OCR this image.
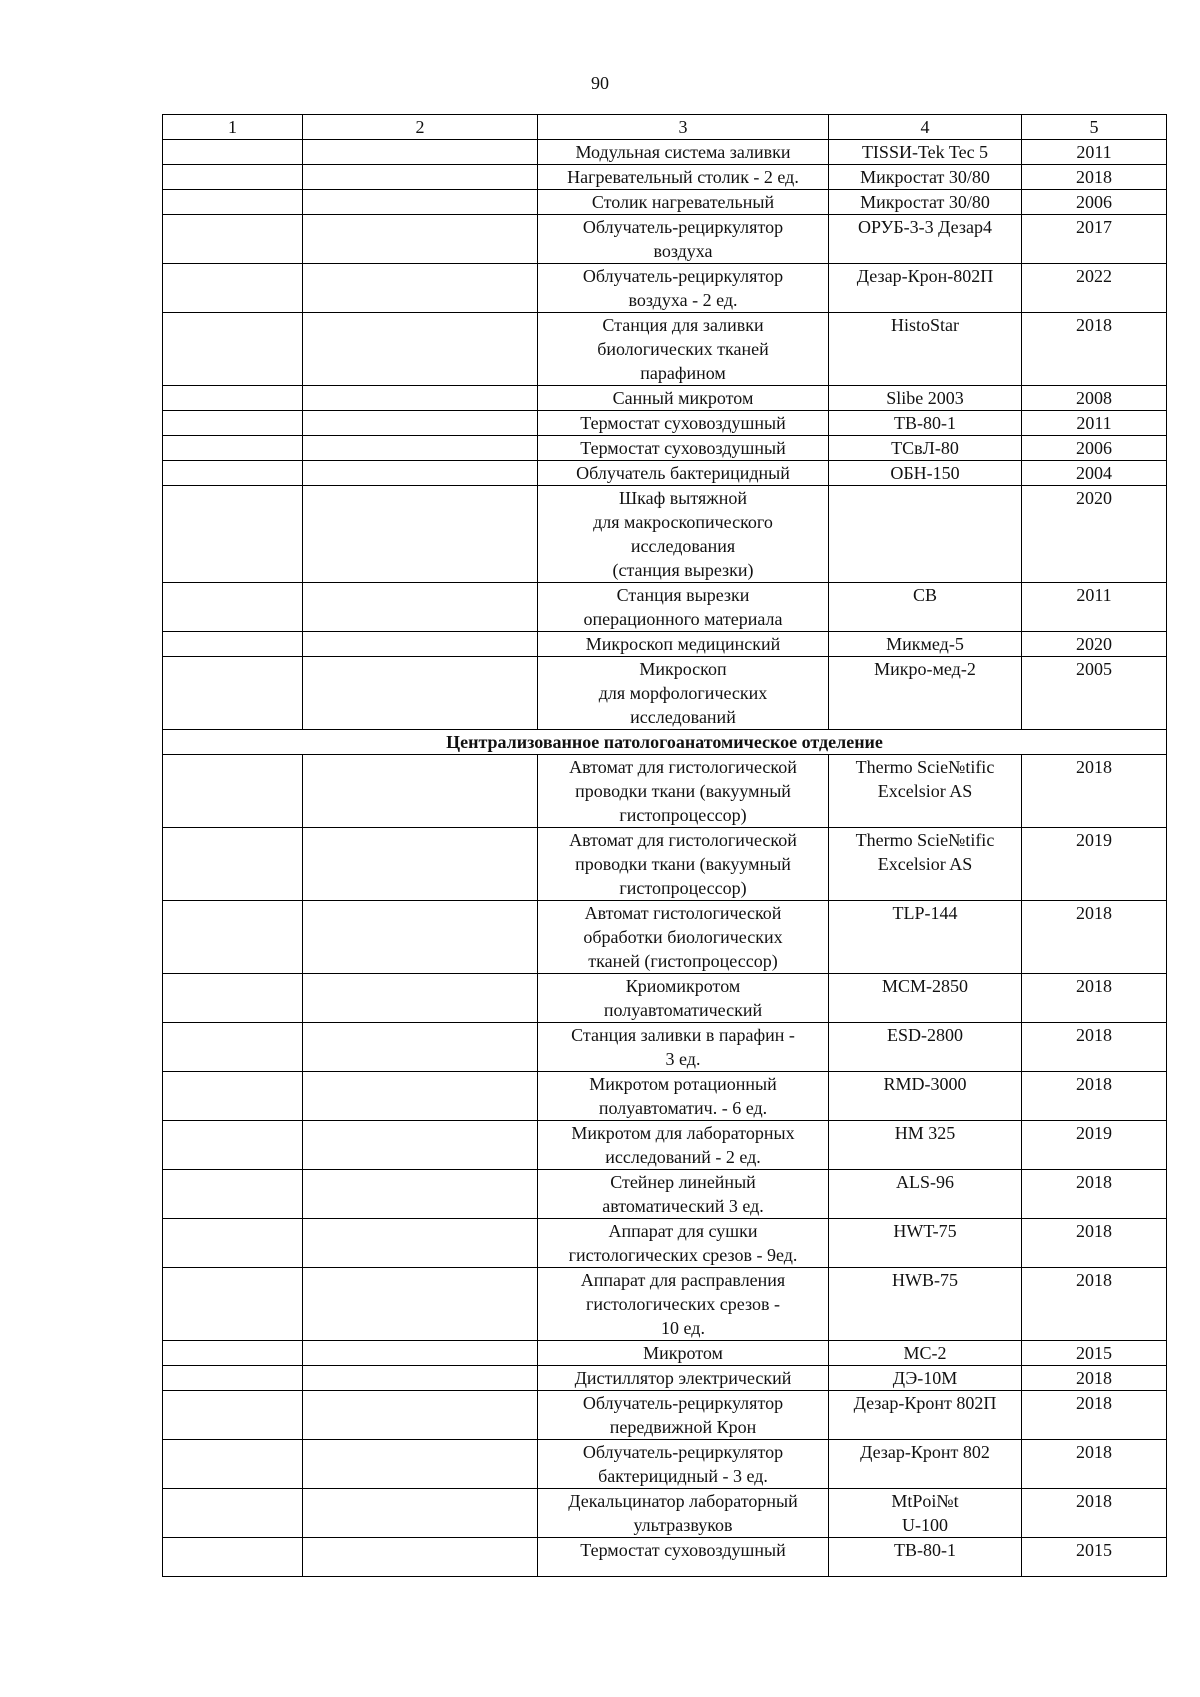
90
1	2	3	4	5
		Модульная система заливки	TISSИ-Tek Tec 5	2011
		Нагревательный столик - 2 ед.	Микростат 30/80	2018
		Столик нагревательный	Микростат 30/80	2006
		Облучатель-рециркулятор
воздуха	ОРУБ-3-3 Дезар4	2017
		Облучатель-рециркулятор
воздуха - 2 ед.	Дезар-Крон-802П	2022
		Станция для заливки
биологических тканей
парафином	HistoStar	2018
		Санный микротом	Slibe 2003	2008
		Термостат суховоздушный	ТВ-80-1	2011
		Термостат суховоздушный	ТСвЛ-80	2006
		Облучатель бактерицидный	ОБН-150	2004
		Шкаф вытяжной
для макроскопического
исследования
(станция вырезки)		2020
		Станция вырезки
операционного материала	СВ	2011
		Микроскоп медицинский	Микмед-5	2020
		Микроскоп
для морфологических
исследований	Микро-мед-2	2005
Централизованное патологоанатомическое отделение				
		Автомат для гистологической
проводки ткани (вакуумный
гистопроцессор)	Thermo Scie№tific
Excelsior AS	2018
		Автомат для гистологической
проводки ткани (вакуумный
гистопроцессор)	Thermo Scie№tific
Excelsior AS	2019
		Автомат гистологической
обработки биологических
тканей (гистопроцессор)	TLP-144	2018
		Криомикротом
полуавтоматический	MCM-2850	2018
		Станция заливки в парафин -
3 ед.	ESD-2800	2018
		Микротом ротационный
полуавтоматич. - 6 ед.	RMD-3000	2018
		Микротом для лабораторных
исследований - 2 ед.	HM 325	2019
		Стейнер линейный
автоматический 3 ед.	ALS-96	2018
		Аппарат для сушки
гистологических срезов - 9ед.	HWT-75	2018
		Аппарат для расправления
гистологических срезов -
10 ед.	HWB-75	2018
		Микротом	МС-2	2015
		Дистиллятор электрический	ДЭ-10М	2018
		Облучатель-рециркулятор
передвижной Крон	Дезар-Кронт 802П	2018
		Облучатель-рециркулятор
бактерицидный - 3 ед.	Дезар-Кронт 802	2018
		Декальцинатор лабораторный
ультразвуков	MtPoi№t
U-100	2018
		Термостат суховоздушный	ТВ-80-1	2015
